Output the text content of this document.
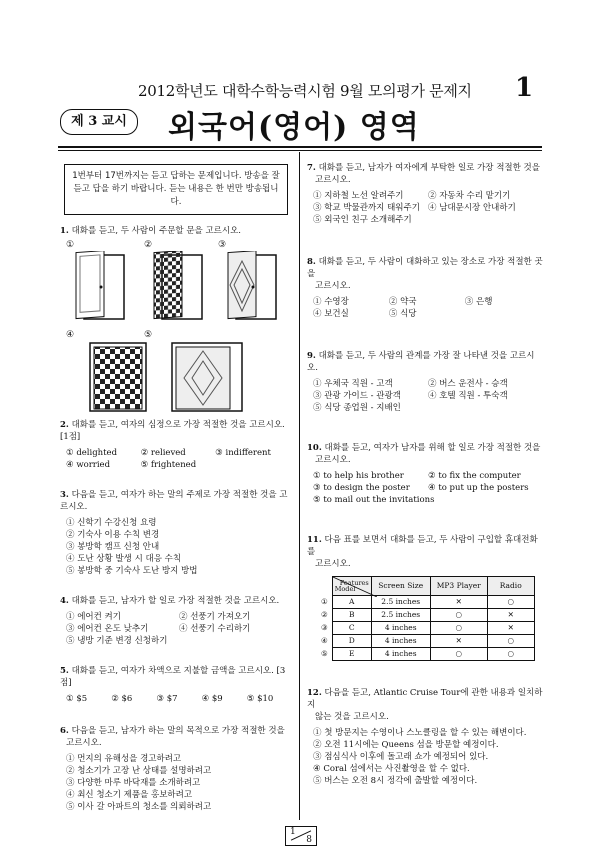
2012학년도 대학수학능력시험 9월 모의평가 문제지 1
제 3 교시	외국어(영어) 영역
1번부터 17번까지는 듣고 답하는 문제입니다. 방송을 잘
듣고 답을 하기 바랍니다. 듣는 내용은 한 번만 방송됩니다.
1. 대화를 듣고, 두 사람이 주문할 문을 고르시오.
①	②	③
④	⑤
2. 대화를 듣고, 여자의 심정으로 가장 적절한 것을 고르시오. [1점]
① delighted	② relieved	③ indifferent
④ worried	⑤ frightened
3. 다음을 듣고, 여자가 하는 말의 주제로 가장 적절한 것을 고르시오.
① 신학기 수강신청 요령
② 기숙사 이용 수칙 변경
③ 봉방학 캠프 신청 안내
④ 도난 상황 발생 시 대응 수칙
⑤ 봉방학 중 기숙사 도난 방지 방법
4. 대화를 듣고, 남자가 할 일로 가장 적절한 것을 고르시오.
① 에어컨 켜기	② 선풍기 가져오기
③ 에어컨 온도 낮추기	④ 선풍기 수리하기
⑤ 냉방 기준 변경 신청하기
5. 대화를 듣고, 여자가 차액으로 지불할 금액을 고르시오. [3점]
① $5	② $6	③ $7	④ $9	⑤ $10
6. 다음을 듣고, 남자가 하는 말의 목적으로 가장 적절한 것을
고르시오.
① 먼지의 유해성을 경고하려고
② 청소기가 고장 난 상태를 설명하려고
③ 다양한 마루 바닥재를 소개하려고
④ 최신 청소기 제품을 홍보하려고
⑤ 이사 갈 아파트의 청소를 의뢰하려고
7. 대화를 듣고, 남자가 여자에게 부탁한 일로 가장 적절한 것을
고르시오.
① 지하철 노선 알려주기	② 자동차 수리 맡기기
③ 학교 박물관까지 태워주기 ④ 남대문시장 안내하기
⑤ 외국인 친구 소개해주기
8. 대화를 듣고, 두 사람이 대화하고 있는 장소로 가장 적절한 곳을
고르시오.
① 수영장	② 약국	③ 은행
④ 보건실	⑤ 식당
9. 대화를 듣고, 두 사람의 관계를 가장 잘 나타낸 것을 고르시오.
① 우체국 직원 - 고객	② 버스 운전사 - 승객
③ 관광 가이드 - 관광객	④ 호텔 직원 - 투숙객
⑤ 식당 종업원 - 지배인
10. 대화를 듣고, 여자가 남자를 위해 할 일로 가장 적절한 것을
고르시오.
① to help his brother	② to fix the computer
③ to design the poster	④ to put up the posters
⑤ to mail out the invitations
11. 다음 표를 보면서 대화를 듣고, 두 사람이 구입할 휴대전화를
고르시오.

	Features
Model	Screen Size	MP3 Player	Radio
①	A	2.5 inches	✕	○
②	B	2.5 inches	○	✕
③	C	4 inches	○	✕
④	D	4 inches	✕	○
⑤	E	4 inches	○	○
12. 다음을 듣고, Atlantic Cruise Tour에 관한 내용과 일치하지
않는 것을 고르시오.
① 첫 방문지는 수영이나 스노클링을 할 수 있는 해변이다.
② 오전 11시에는 Queens 섬을 방문할 예정이다.
③ 점심식사 이후에 돌고래 쇼가 예정되어 있다.
④ Coral 섬에서는 사진촬영을 할 수 없다.
⑤ 버스는 오전 8시 정각에 출발할 예정이다.
1
8
